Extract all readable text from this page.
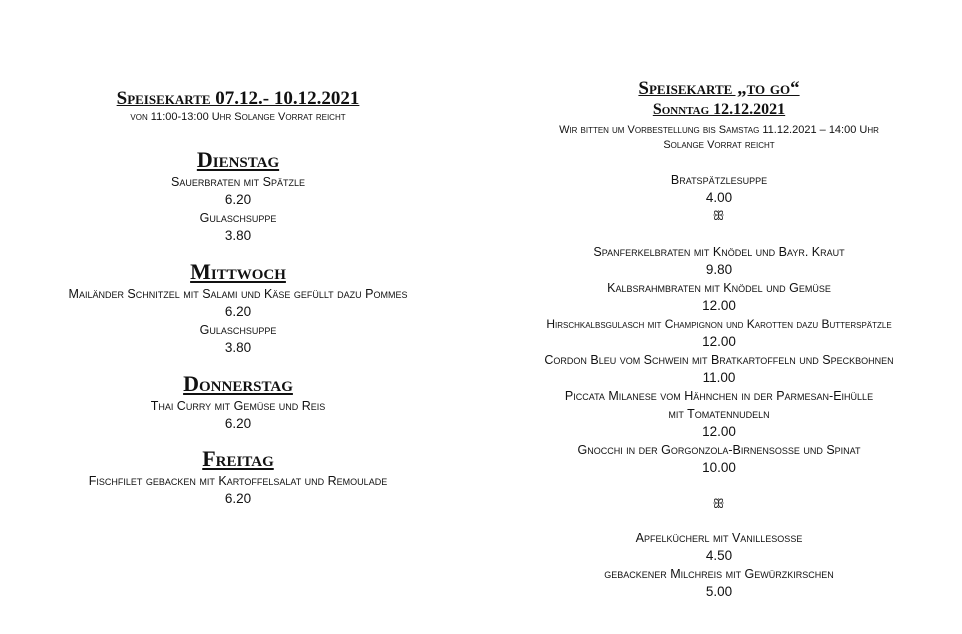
Speisekarte 07.12.- 10.12.2021
von 11:00-13:00 Uhr Solange Vorrat reicht
Dienstag
Sauerbraten mit Spätzle
6.20
Gulaschsuppe
3.80
Mittwoch
Mailänder Schnitzel mit Salami und Käse gefüllt dazu Pommes
6.20
Gulaschsuppe
3.80
Donnerstag
Thai Curry mit Gemüse und Reis
6.20
Freitag
Fischfilet gebacken mit Kartoffelsalat und Remoulade
6.20
Speisekarte „to go“
Sonntag 12.12.2021
Wir bitten um Vorbestellung bis Samstag 11.12.2021 – 14:00 Uhr
Solange Vorrat reicht
Bratspätzlesuppe
4.00
ꕥ
Spanferkelbraten mit Knödel und Bayr. Kraut
9.80
Kalbsrahmbraten mit Knödel und Gemüse
12.00
Hirschkalbsgulasch mit Champignon und Karotten dazu Butterspätzle
12.00
Cordon Bleu vom Schwein mit Bratkartoffeln und Speckbohnen
11.00
Piccata Milanese vom Hähnchen in der Parmesan-Eihülle
mit Tomatennudeln
12.00
Gnocchi in der Gorgonzola-Birnensoße und Spinat
10.00
ꕥ
Apfelkücherl mit Vanillesoße
4.50
gebackener Milchreis mit Gewürzkirschen
5.00
